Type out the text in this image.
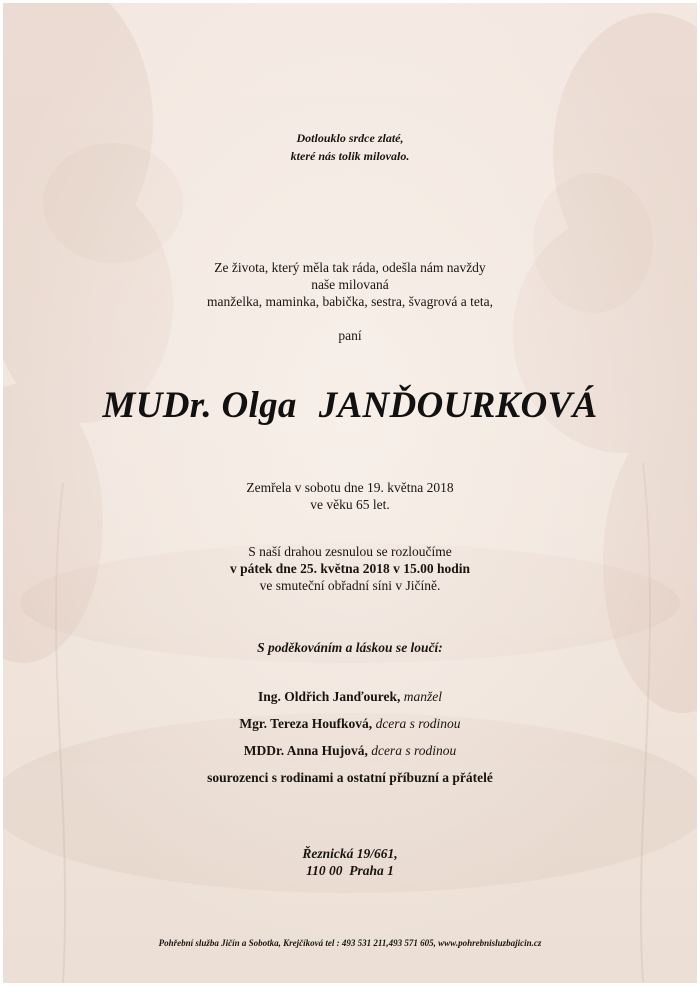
Dotlouklo srdce zlaté,
které nás tolik milovalo.
Ze života, který měla tak ráda, odešla nám navždy
naše milovaná
manželka, maminka, babička, sestra, švagrová a teta,
paní
MUDr. Olga JANĎOURKOVÁ
Zemřela v sobotu dne 19. května 2018
ve věku 65 let.
S naší drahou zesnulou se rozloučíme
v pátek dne 25. května 2018 v 15.00 hodin
ve smuteční obřadní síni v Jičíně.
S poděkováním a láskou se loučí:
Ing. Oldřich Janďourek, manžel
Mgr. Tereza Houfková, dcera s rodinou
MDDr. Anna Hujová, dcera s rodinou
sourozenci s rodinami a ostatní příbuzní a přátelé
Řeznická 19/661,
110 00  Praha 1
Pohřební služba Jičín a Sobotka, Krejčíková tel : 493 531 211,493 571 605, www.pohrebnisluzbajicin.cz
